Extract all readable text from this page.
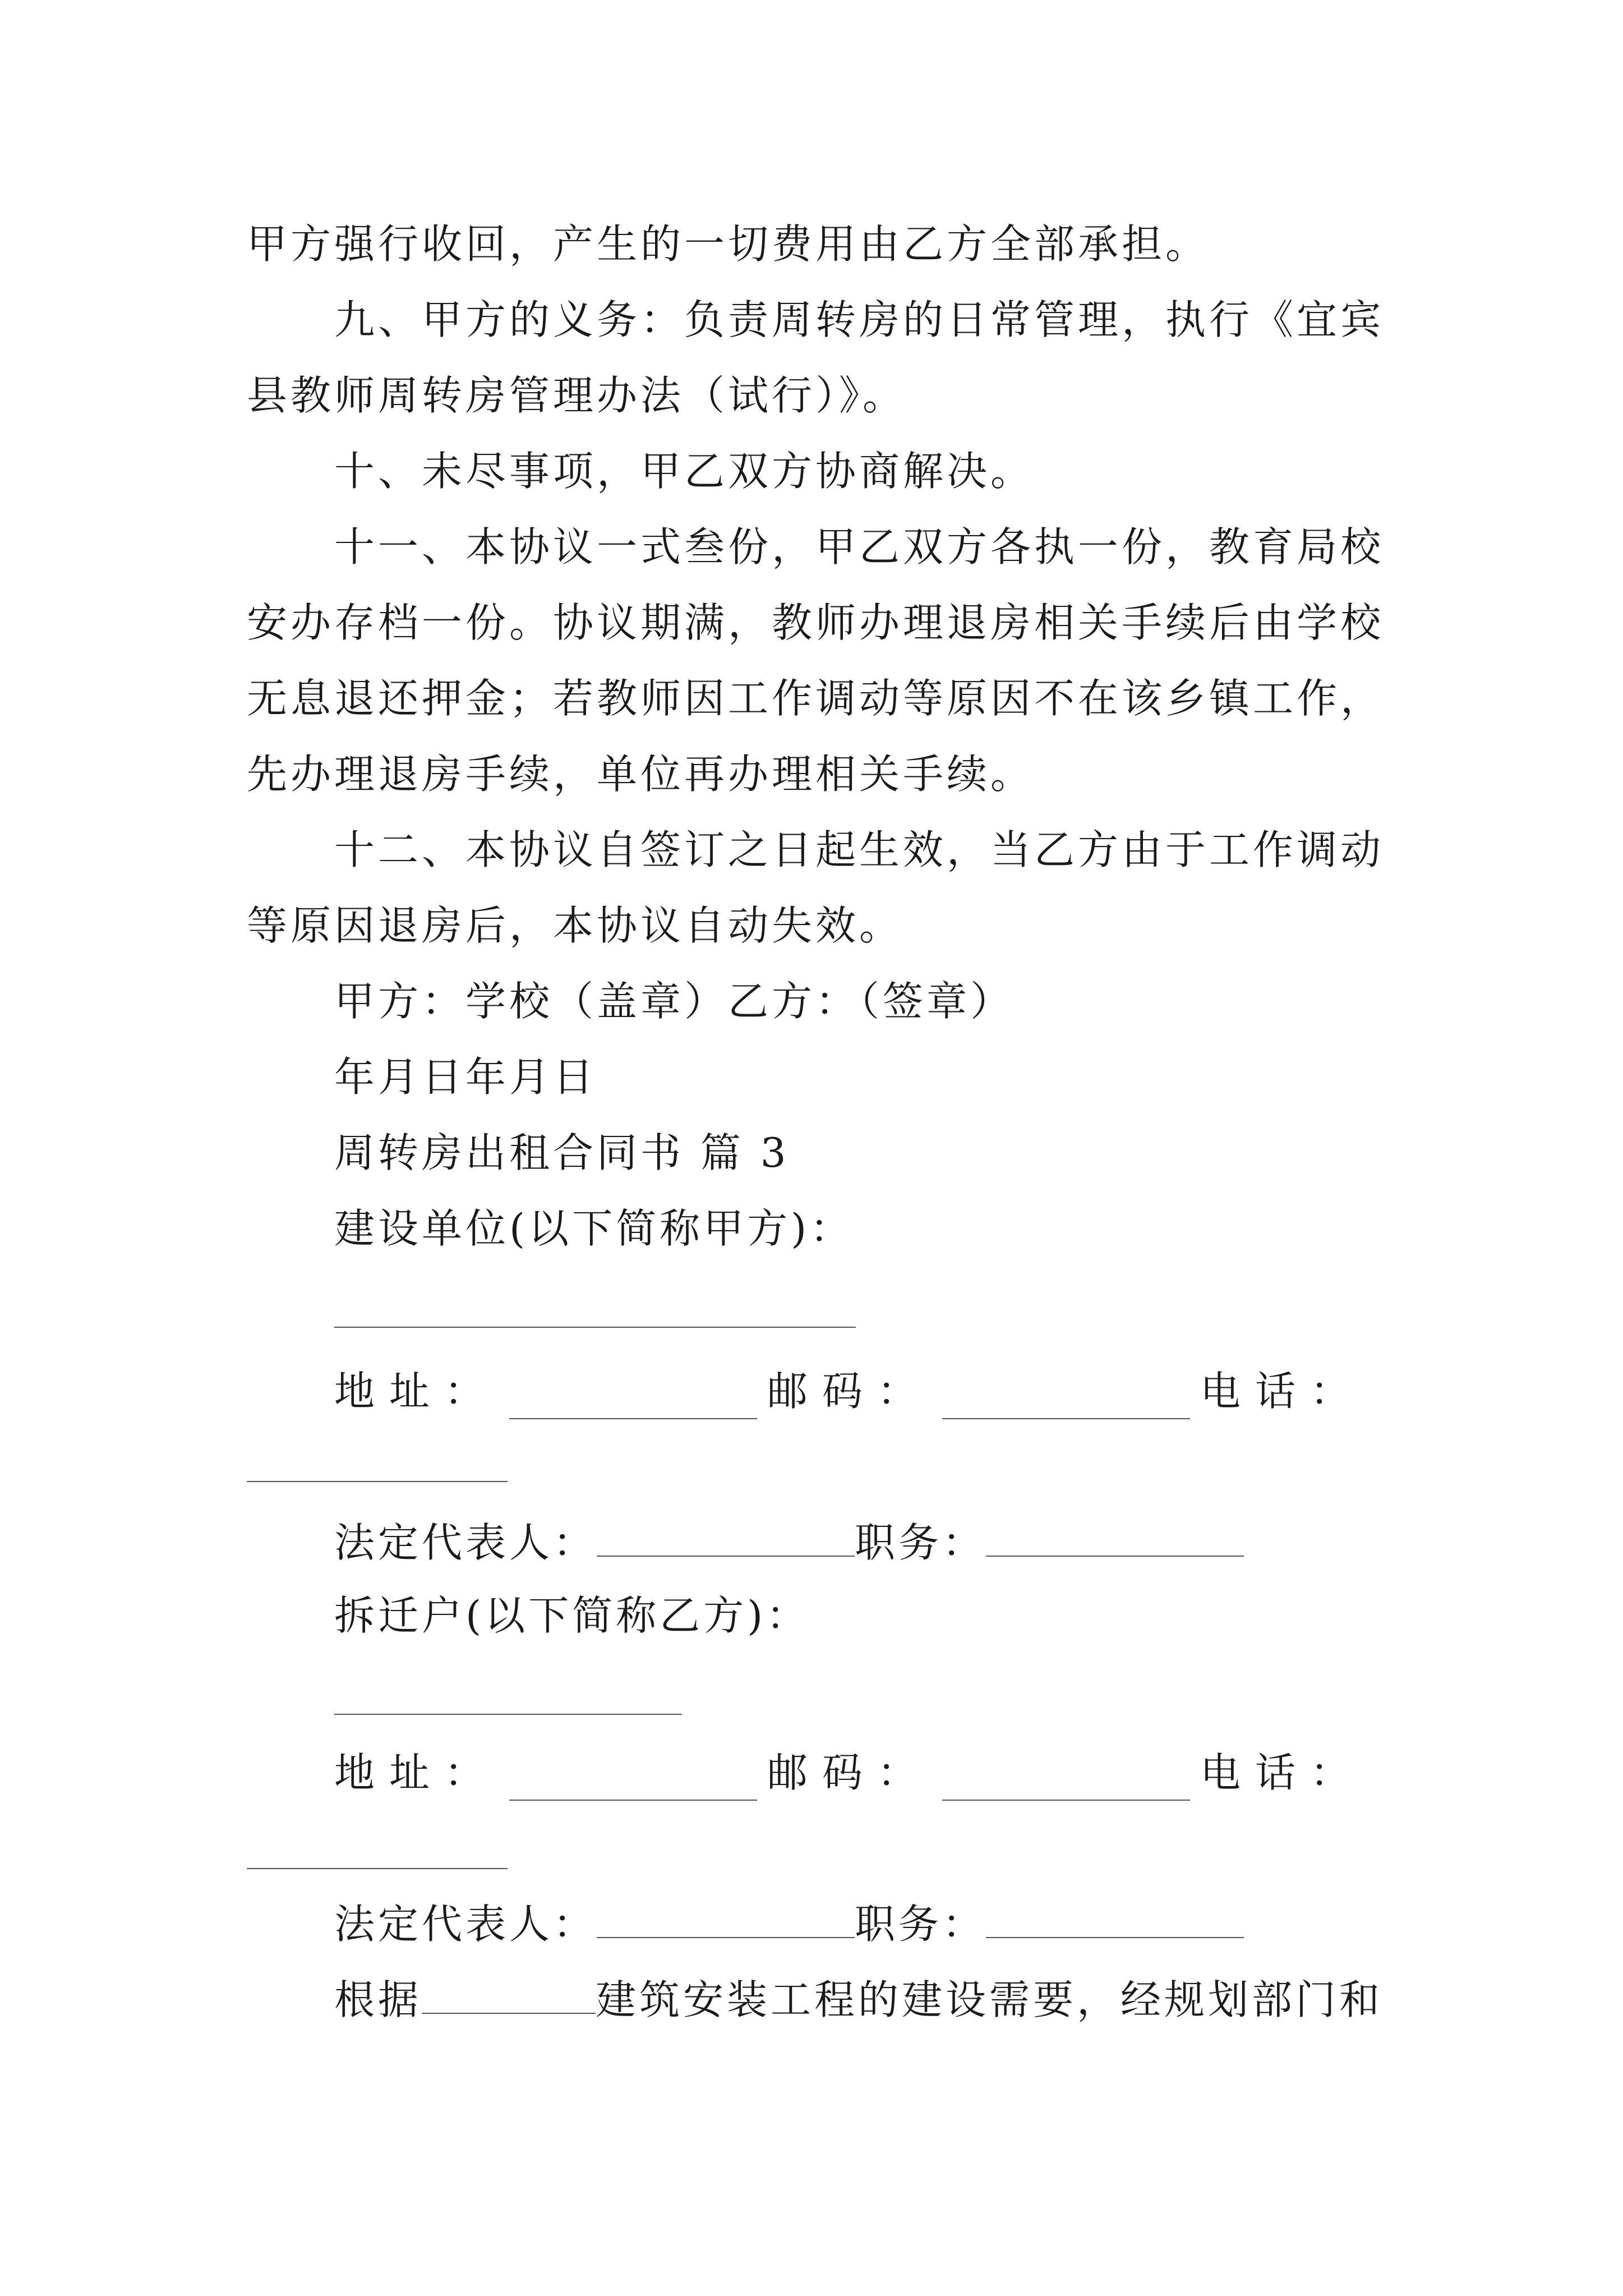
甲方强行收回，产生的一切费用由乙方全部承担。
九、甲方的义务：负责周转房的日常管理，执行《宜宾
县教师周转房管理办法（试行）》。
十、未尽事项，甲乙双方协商解决。
十一、本协议一式叁份，甲乙双方各执一份，教育局校
安办存档一份。协议期满，教师办理退房相关手续后由学校
无息退还押金；若教师因工作调动等原因不在该乡镇工作，
先办理退房手续，单位再办理相关手续。
十二、本协议自签订之日起生效，当乙方由于工作调动
等原因退房后，本协议自动失效。
甲方：学校（盖章）乙方：（签章）
年月日年月日
周转房出租合同书 篇 3
建设单位(以下简称甲方)：
地址：	邮码：	电话：
法定代表人：	职务：
拆迁户(以下简称乙方)：
地址：	邮码：	电话：
法定代表人：	职务：
根据	建筑安装工程的建设需要，经规划部门和
